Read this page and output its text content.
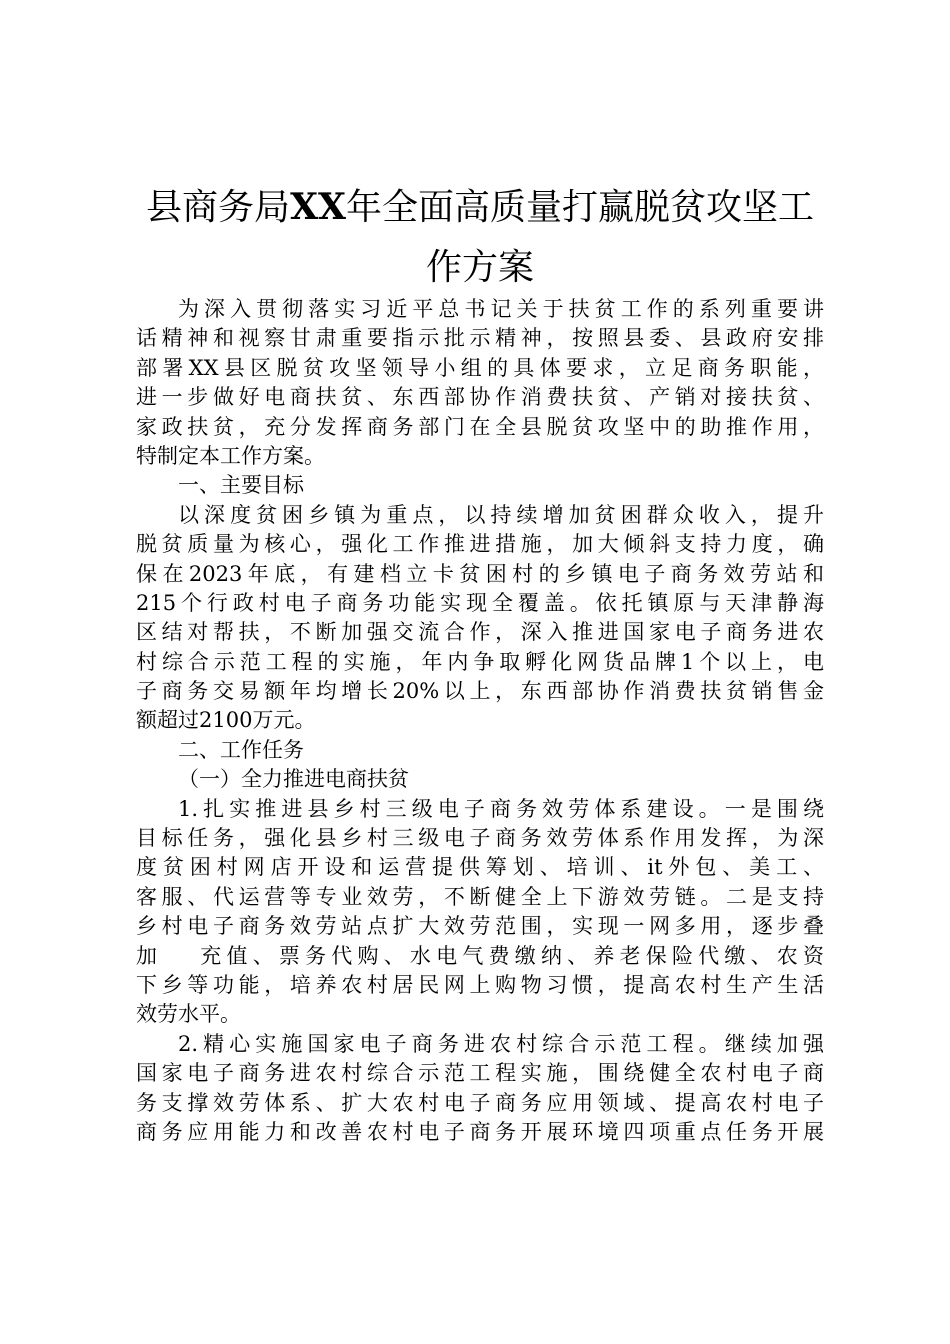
县商务局XX年全面高质量打赢脱贫攻坚工
作方案
为深入贯彻落实习近平总书记关于扶贫工作的系列重要讲
话精神和视察甘肃重要指示批示精神，按照县委、县政府安排
部署XX县区脱贫攻坚领导小组的具体要求，立足商务职能，
进一步做好电商扶贫、东西部协作消费扶贫、产销对接扶贫、
家政扶贫，充分发挥商务部门在全县脱贫攻坚中的助推作用，
特制定本工作方案。
一、主要目标
以深度贫困乡镇为重点，以持续增加贫困群众收入，提升
脱贫质量为核心，强化工作推进措施，加大倾斜支持力度，确
保在2023年底，有建档立卡贫困村的乡镇电子商务效劳站和
215个行政村电子商务功能实现全覆盖。依托镇原与天津静海
区结对帮扶，不断加强交流合作，深入推进国家电子商务进农
村综合示范工程的实施，年内争取孵化网货品牌1个以上，电
子商务交易额年均增长20%以上，东西部协作消费扶贫销售金
额超过2100万元。
二、工作任务
（一）全力推进电商扶贫
1.扎实推进县乡村三级电子商务效劳体系建设。一是围绕
目标任务，强化县乡村三级电子商务效劳体系作用发挥，为深
度贫困村网店开设和运营提供筹划、培训、it外包、美工、
客服、代运营等专业效劳，不断健全上下游效劳链。二是支持
乡村电子商务效劳站点扩大效劳范围，实现一网多用，逐步叠
加　 充值、票务代购、水电气费缴纳、养老保险代缴、农资
下乡等功能，培养农村居民网上购物习惯，提高农村生产生活
效劳水平。
2.精心实施国家电子商务进农村综合示范工程。继续加强
国家电子商务进农村综合示范工程实施，围绕健全农村电子商
务支撑效劳体系、扩大农村电子商务应用领域、提高农村电子
商务应用能力和改善农村电子商务开展环境四项重点任务开展
